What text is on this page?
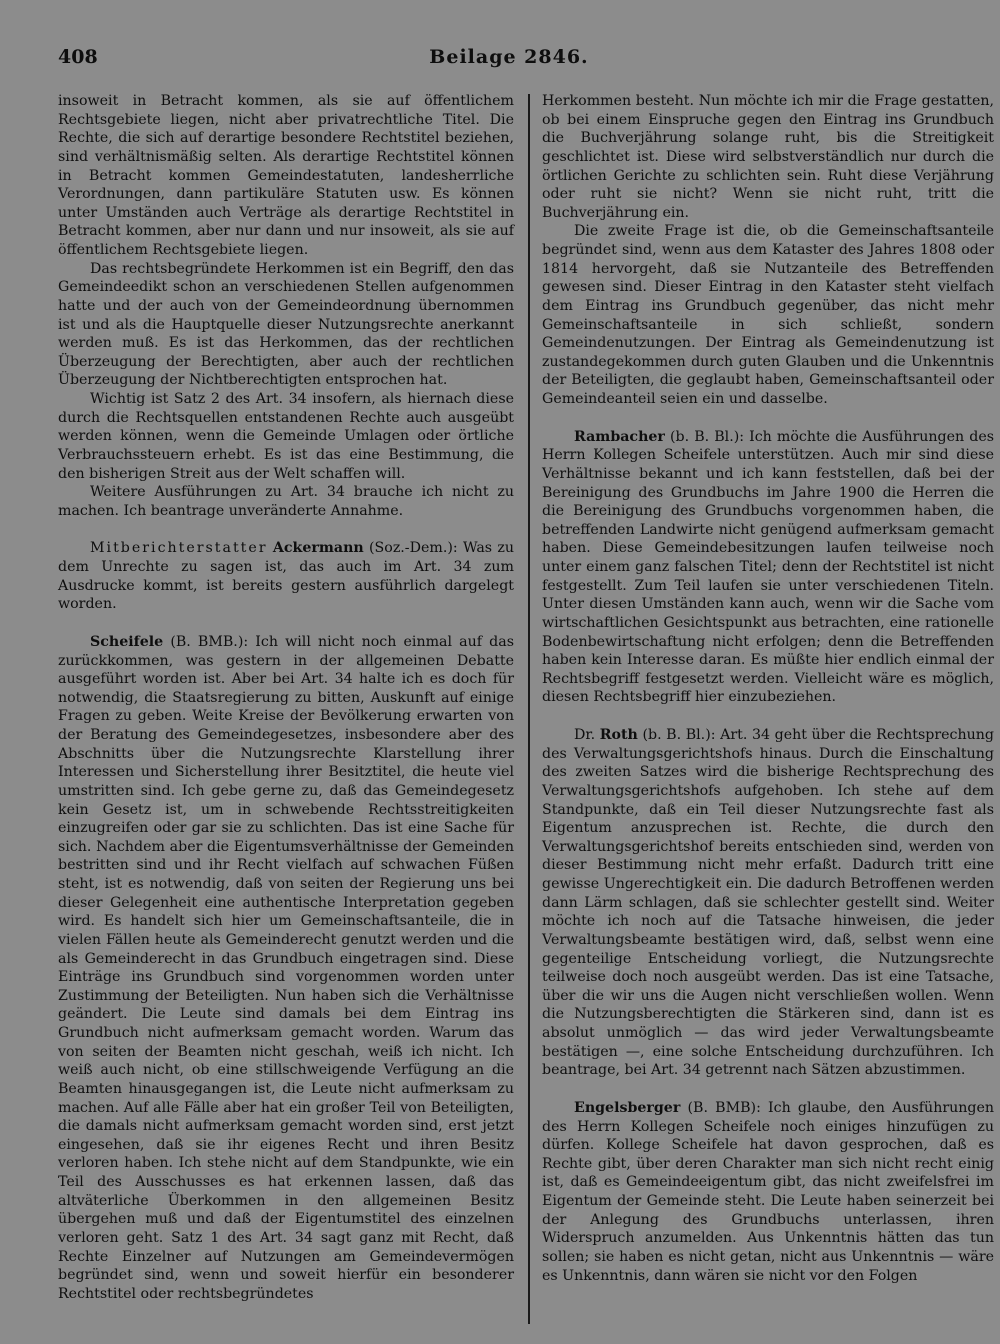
408	Beilage 2846.

insoweit in Betracht kommen, als sie auf öffentlichem Rechtsgebiete liegen, nicht aber privatrechtliche Titel. Die Rechte, die sich auf derartige besondere Rechtstitel beziehen, sind verhältnismäßig selten. Als derartige Rechtstitel können in Betracht kommen Gemeindestatuten, landesherrliche Verordnungen, dann partikuläre Statuten usw. Es können unter Umständen auch Verträge als derartige Rechtstitel in Betracht kommen, aber nur dann und nur insoweit, als sie auf öffentlichem Rechtsgebiete liegen.

Das rechtsbegründete Herkommen ist ein Begriff, den das Gemeindeedikt schon an verschiedenen Stellen aufgenommen hatte und der auch von der Gemeindeordnung übernommen ist und als die Hauptquelle dieser Nutzungsrechte anerkannt werden muß. Es ist das Herkommen, das der rechtlichen Überzeugung der Berechtigten, aber auch der rechtlichen Überzeugung der Nichtberechtigten entsprochen hat.

Wichtig ist Satz 2 des Art. 34 insofern, als hiernach diese durch die Rechtsquellen entstandenen Rechte auch ausgeübt werden können, wenn die Gemeinde Umlagen oder örtliche Verbrauchssteuern erhebt. Es ist das eine Bestimmung, die den bisherigen Streit aus der Welt schaffen will.

Weitere Ausführungen zu Art. 34 brauche ich nicht zu machen. Ich beantrage unveränderte Annahme.

Mitberichterstatter Ackermann (Soz.-Dem.): Was zu dem Unrechte zu sagen ist, das auch im Art. 34 zum Ausdrucke kommt, ist bereits gestern ausführlich dargelegt worden.

Scheifele (B. BMB.): Ich will nicht noch einmal auf das zurückkommen, was gestern in der allgemeinen Debatte ausgeführt worden ist. Aber bei Art. 34 halte ich es doch für notwendig, die Staatsregierung zu bitten, Auskunft auf einige Fragen zu geben. Weite Kreise der Bevölkerung erwarten von der Beratung des Gemeindegesetzes, insbesondere aber des Abschnitts über die Nutzungsrechte Klarstellung ihrer Interessen und Sicherstellung ihrer Besitztitel, die heute viel umstritten sind. Ich gebe gerne zu, daß das Gemeindegesetz kein Gesetz ist, um in schwebende Rechtsstreitigkeiten einzugreifen oder gar sie zu schlichten. Das ist eine Sache für sich. Nachdem aber die Eigentumsverhältnisse der Gemeinden bestritten sind und ihr Recht vielfach auf schwachen Füßen steht, ist es notwendig, daß von seiten der Regierung uns bei dieser Gelegenheit eine authentische Interpretation gegeben wird. Es handelt sich hier um Gemeinschaftsanteile, die in vielen Fällen heute als Gemeinderecht genutzt werden und die als Gemeinderecht in das Grundbuch eingetragen sind. Diese Einträge ins Grundbuch sind vorgenommen worden unter Zustimmung der Beteiligten. Nun haben sich die Verhältnisse geändert. Die Leute sind damals bei dem Eintrag ins Grundbuch nicht aufmerksam gemacht worden. Warum das von seiten der Beamten nicht geschah, weiß ich nicht. Ich weiß auch nicht, ob eine stillschweigende Verfügung an die Beamten hinausgegangen ist, die Leute nicht aufmerksam zu machen. Auf alle Fälle aber hat ein großer Teil von Beteiligten, die damals nicht aufmerksam gemacht worden sind, erst jetzt eingesehen, daß sie ihr eigenes Recht und ihren Besitz verloren haben. Ich stehe nicht auf dem Standpunkte, wie ein Teil des Ausschusses es hat erkennen lassen, daß das altväterliche Überkommen in den allgemeinen Besitz übergehen muß und daß der Eigentumstitel des einzelnen verloren geht. Satz 1 des Art. 34 sagt ganz mit Recht, daß Rechte Einzelner auf Nutzungen am Gemeindevermögen begründet sind, wenn und soweit hierfür ein besonderer Rechtstitel oder rechtsbegründetes

Herkommen besteht. Nun möchte ich mir die Frage gestatten, ob bei einem Einspruche gegen den Eintrag ins Grundbuch die Buchverjährung solange ruht, bis die Streitigkeit geschlichtet ist. Diese wird selbstverständlich nur durch die örtlichen Gerichte zu schlichten sein. Ruht diese Verjährung oder ruht sie nicht? Wenn sie nicht ruht, tritt die Buchverjährung ein.

Die zweite Frage ist die, ob die Gemeinschaftsanteile begründet sind, wenn aus dem Kataster des Jahres 1808 oder 1814 hervorgeht, daß sie Nutzanteile des Betreffenden gewesen sind. Dieser Eintrag in den Kataster steht vielfach dem Eintrag ins Grundbuch gegenüber, das nicht mehr Gemeinschaftsanteile in sich schließt, sondern Gemeindenutzungen. Der Eintrag als Gemeindenutzung ist zustandegekommen durch guten Glauben und die Unkenntnis der Beteiligten, die geglaubt haben, Gemeinschaftsanteil oder Gemeindeanteil seien ein und dasselbe.

Rambacher (b. B. Bl.): Ich möchte die Ausführungen des Herrn Kollegen Scheifele unterstützen. Auch mir sind diese Verhältnisse bekannt und ich kann feststellen, daß bei der Bereinigung des Grundbuchs im Jahre 1900 die Herren die die Bereinigung des Grundbuchs vorgenommen haben, die betreffenden Landwirte nicht genügend aufmerksam gemacht haben. Diese Gemeindebesitzungen laufen teilweise noch unter einem ganz falschen Titel; denn der Rechtstitel ist nicht festgestellt. Zum Teil laufen sie unter verschiedenen Titeln. Unter diesen Umständen kann auch, wenn wir die Sache vom wirtschaftlichen Gesichtspunkt aus betrachten, eine rationelle Bodenbewirtschaftung nicht erfolgen; denn die Betreffenden haben kein Interesse daran. Es müßte hier endlich einmal der Rechtsbegriff festgesetzt werden. Vielleicht wäre es möglich, diesen Rechtsbegriff hier einzubeziehen.

Dr. Roth (b. B. Bl.): Art. 34 geht über die Rechtsprechung des Verwaltungsgerichtshofs hinaus. Durch die Einschaltung des zweiten Satzes wird die bisherige Rechtsprechung des Verwaltungsgerichtshofs aufgehoben. Ich stehe auf dem Standpunkte, daß ein Teil dieser Nutzungsrechte fast als Eigentum anzusprechen ist. Rechte, die durch den Verwaltungsgerichtshof bereits entschieden sind, werden von dieser Bestimmung nicht mehr erfaßt. Dadurch tritt eine gewisse Ungerechtigkeit ein. Die dadurch Betroffenen werden dann Lärm schlagen, daß sie schlechter gestellt sind. Weiter möchte ich noch auf die Tatsache hinweisen, die jeder Verwaltungsbeamte bestätigen wird, daß, selbst wenn eine gegenteilige Entscheidung vorliegt, die Nutzungsrechte teilweise doch noch ausgeübt werden. Das ist eine Tatsache, über die wir uns die Augen nicht verschließen wollen. Wenn die Nutzungsberechtigten die Stärkeren sind, dann ist es absolut unmöglich — das wird jeder Verwaltungsbeamte bestätigen —, eine solche Entscheidung durchzuführen. Ich beantrage, bei Art. 34 getrennt nach Sätzen abzustimmen.

Engelsberger (B. BMB): Ich glaube, den Ausführungen des Herrn Kollegen Scheifele noch einiges hinzufügen zu dürfen. Kollege Scheifele hat davon gesprochen, daß es Rechte gibt, über deren Charakter man sich nicht recht einig ist, daß es Gemeindeeigentum gibt, das nicht zweifelsfrei im Eigentum der Gemeinde steht. Die Leute haben seinerzeit bei der Anlegung des Grundbuchs unterlassen, ihren Widerspruch anzumelden. Aus Unkenntnis hätten das tun sollen; sie haben es nicht getan, nicht aus Unkenntnis — wäre es Unkenntnis, dann wären sie nicht vor den Folgen
